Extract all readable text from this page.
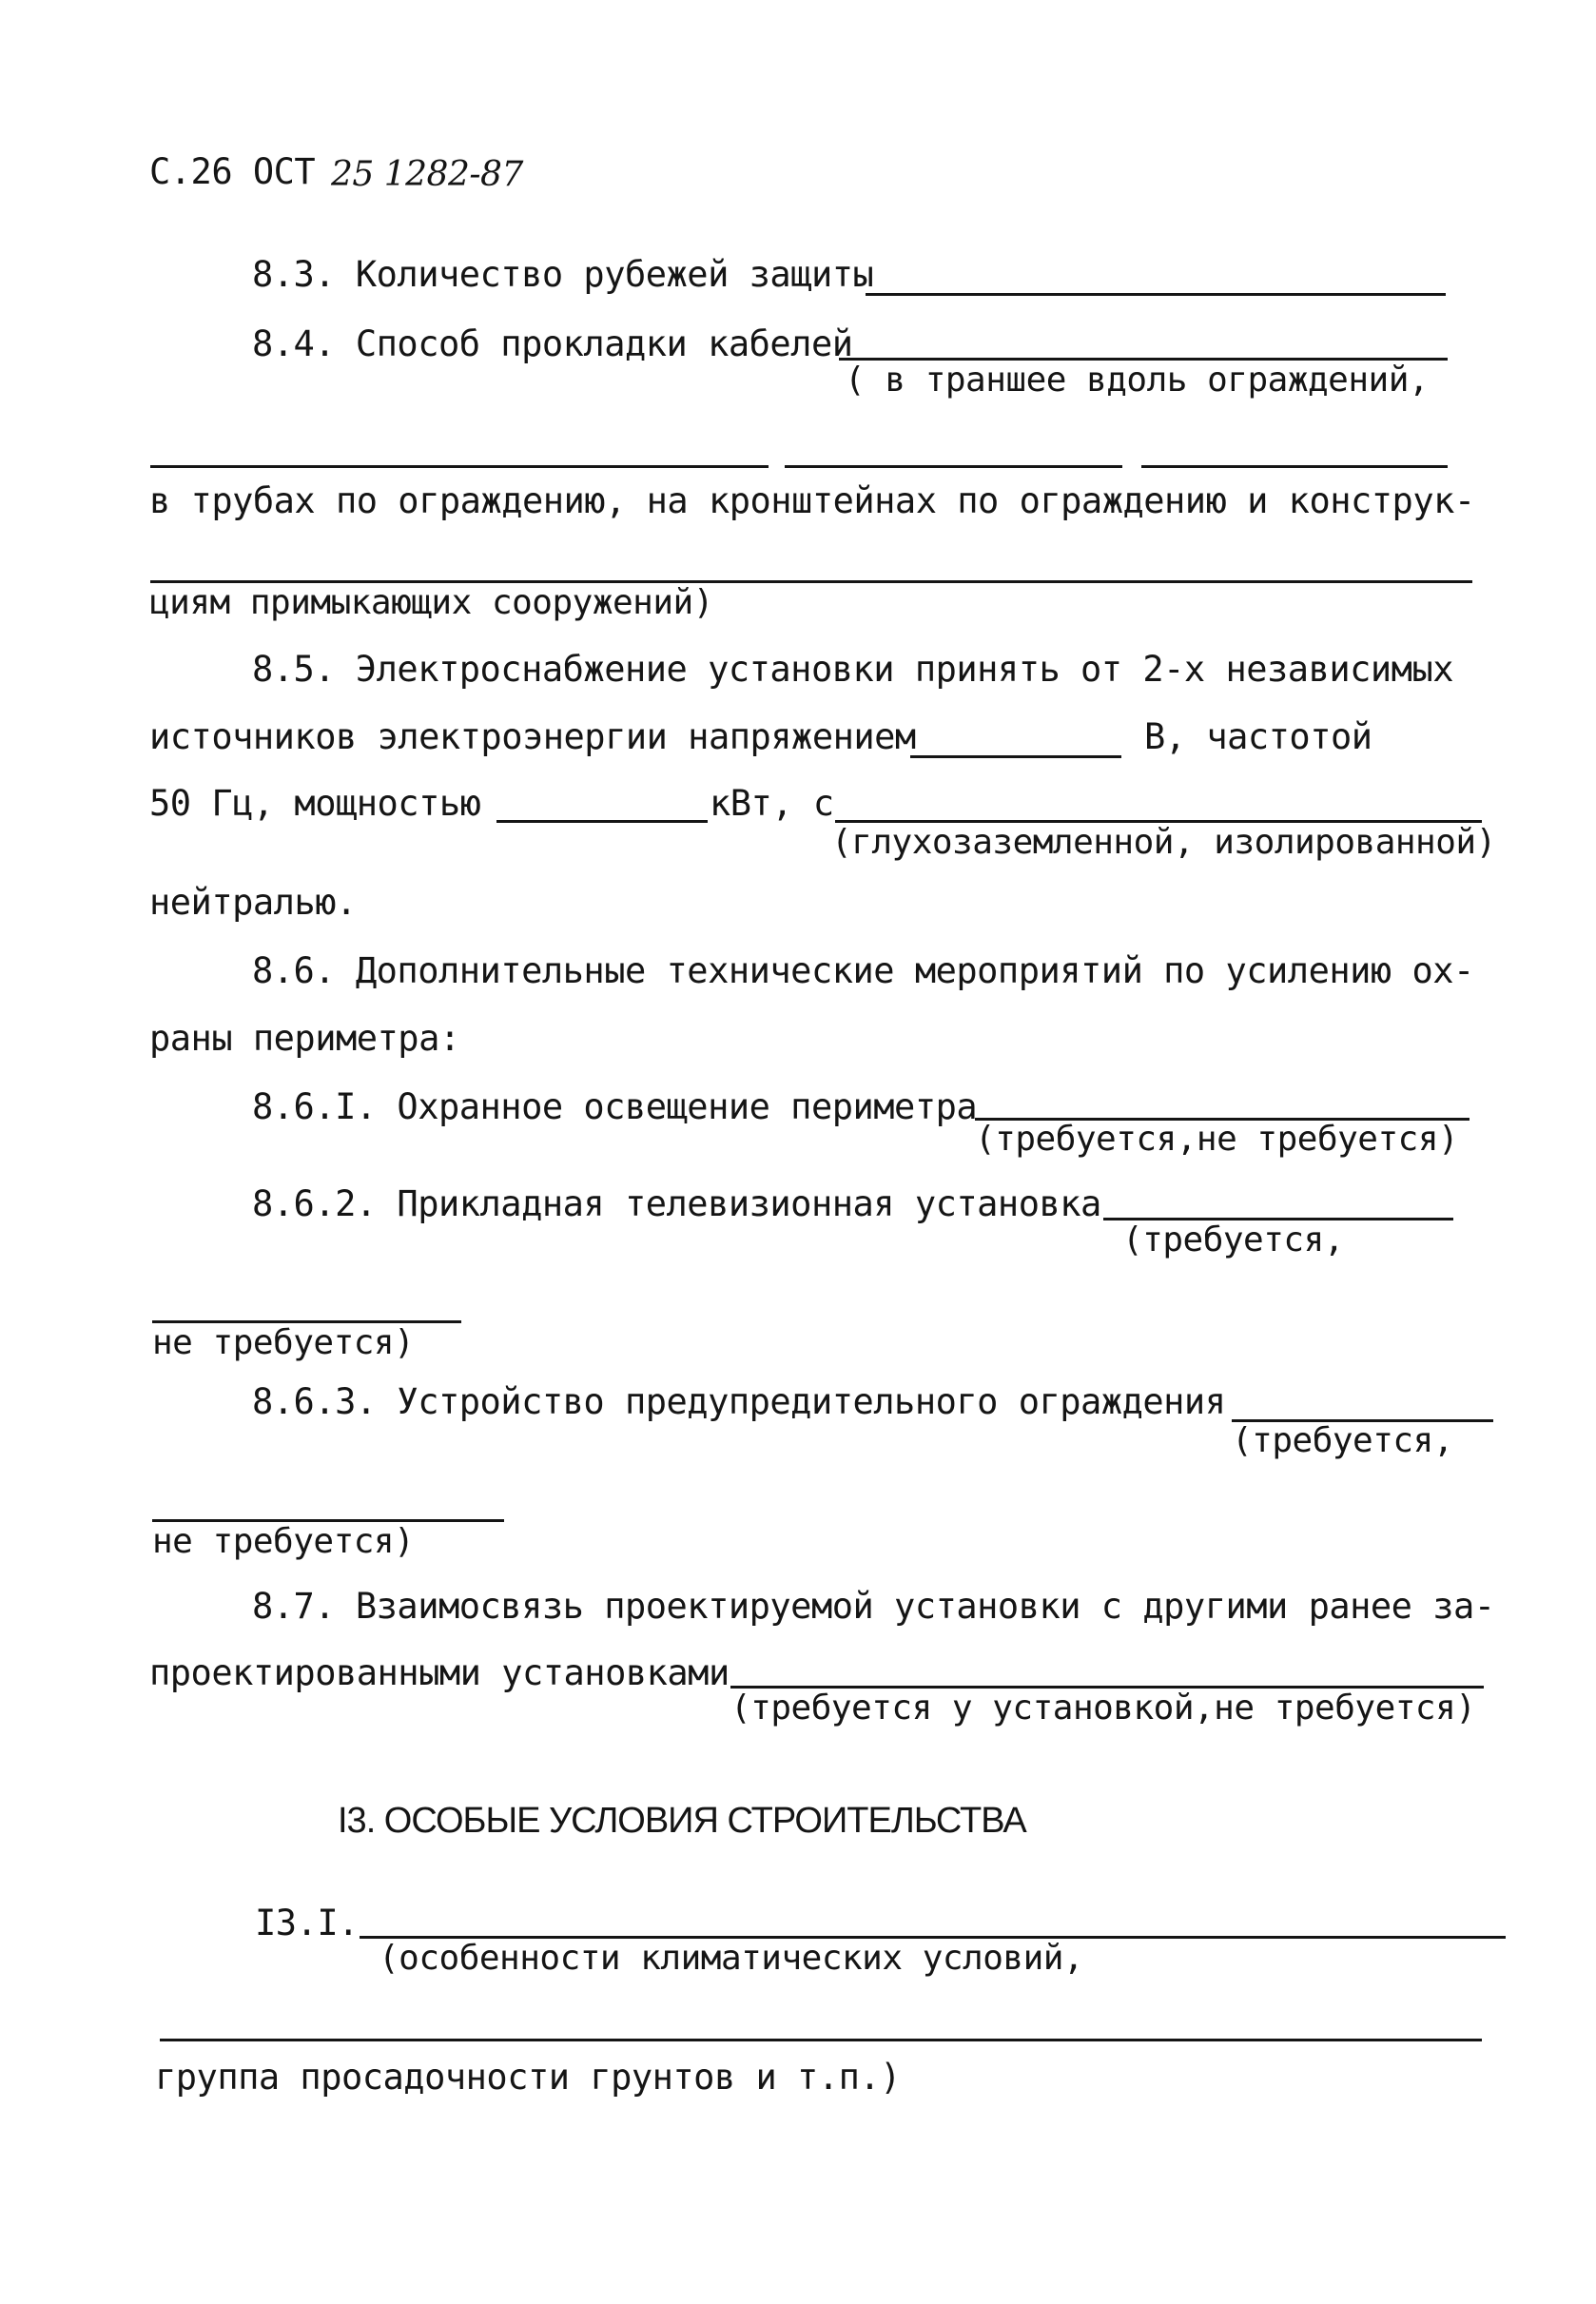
С.26 ОСТ 25 1282-87
8.3. Количество рубежей защиты
8.4. Способ прокладки кабелей
( в траншее вдоль ограждений,
в трубах по ограждению, на кронштейнах по ограждению и конструк-
циям примыкающих сооружений)
8.5. Электроснабжение установки принять от 2-х независимых
источников электроэнергии напряжением	В, частотой
50 Гц, мощностью	кВт, с
(глухозаземленной, изолированной)
нейтралью.
8.6. Дополнительные технические мероприятий по усилению ох-
раны периметра:
8.6.I. Охранное освещение периметра
(требуется,не требуется)
8.6.2. Прикладная телевизионная установка
(требуется,
не требуется)
8.6.3. Устройство предупредительного ограждения
(требуется,
не требуется)
8.7. Взаимосвязь проектируемой установки с другими ранее за-
проектированными установками
(требуется у установкой,не требуется)
I3. ОСОБЫЕ УСЛОВИЯ СТРОИТЕЛЬСТВА
I3.I.
(особенности климатических условий,
группа просадочности грунтов и т.п.)
